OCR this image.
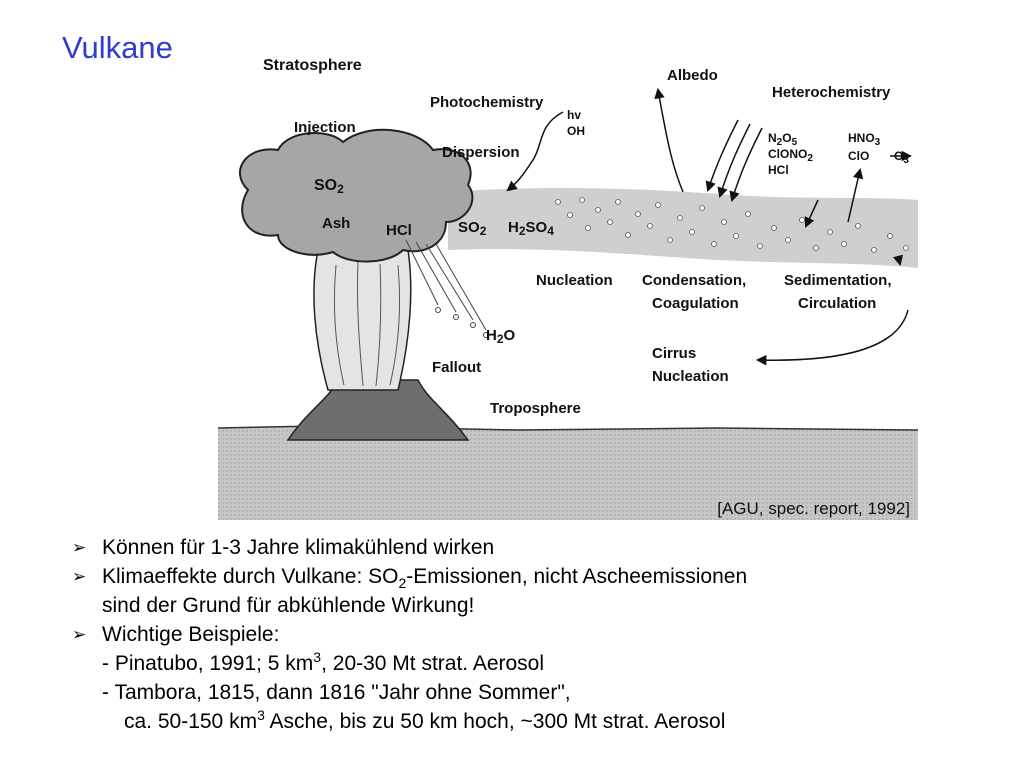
Vulkane
Stratosphere
Photochemistry
Injection
hv
OH
Dispersion
Albedo
Heterochemistry
SO2
Ash HCl	$SO_2$ $H_2SO_4$
$N_2O_5$
ClONO$_2$
HCl
$HNO_3$
ClO $O_3$
Nucleation Condensation,
Coagulation
Sedimentation,
Circulation
$H_2O$
Fallout
Cirrus
Nucleation
Troposphere
[AGU, spec. report, 1992]
➢ Können für 1-3 Jahre klimakühlend wirken
➢ Klimaeffekte durch Vulkane: $SO_2$-Emissionen, nicht Ascheemissionen
sind der Grund für abkühlende Wirkung!
➢ Wichtige Beispiele:
- Pinatubo, 1991; 5 $km^3$, 20-30 Mt strat. Aerosol
- Tambora, 1815, dann 1816 "Jahr ohne Sommer",
ca. 50-150 $km^3$ Asche, bis zu 50 km hoch, ~300 Mt strat. Aerosol
